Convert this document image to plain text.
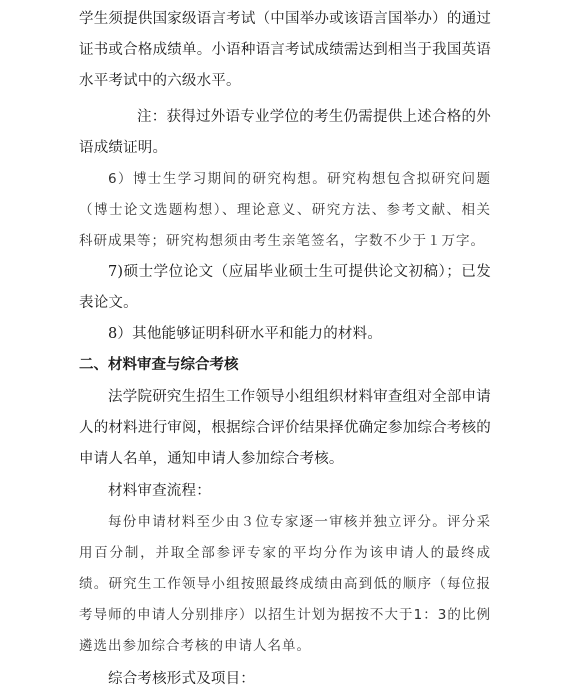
学生须提供国家级语言考试（中国举办或该语言国举办）的通过证书或合格成绩单。小语种语言考试成绩需达到相当于我国英语水平考试中的六级水平。

注：获得过外语专业学位的考生仍需提供上述合格的外语成绩证明。

6）博士生学习期间的研究构想。研究构想包含拟研究问题（博士论文选题构想）、理论意义、研究方法、参考文献、相关科研成果等；研究构想须由考生亲笔签名，字数不少于１万字。

7)硕士学位论文（应届毕业硕士生可提供论文初稿）；已发表论文。

8）其他能够证明科研水平和能力的材料。

二、材料审查与综合考核

法学院研究生招生工作领导小组组织材料审查组对全部申请人的材料进行审阅，根据综合评价结果择优确定参加综合考核的申请人名单，通知申请人参加综合考核。

材料审查流程：

每份申请材料至少由３位专家逐一审核并独立评分。评分采用百分制，并取全部参评专家的平均分作为该申请人的最终成绩。研究生工作领导小组按照最终成绩由高到低的顺序（每位报考导师的申请人分别排序）以招生计划为据按不大于1：3的比例遴选出参加综合考核的申请人名单。

综合考核形式及项目：
